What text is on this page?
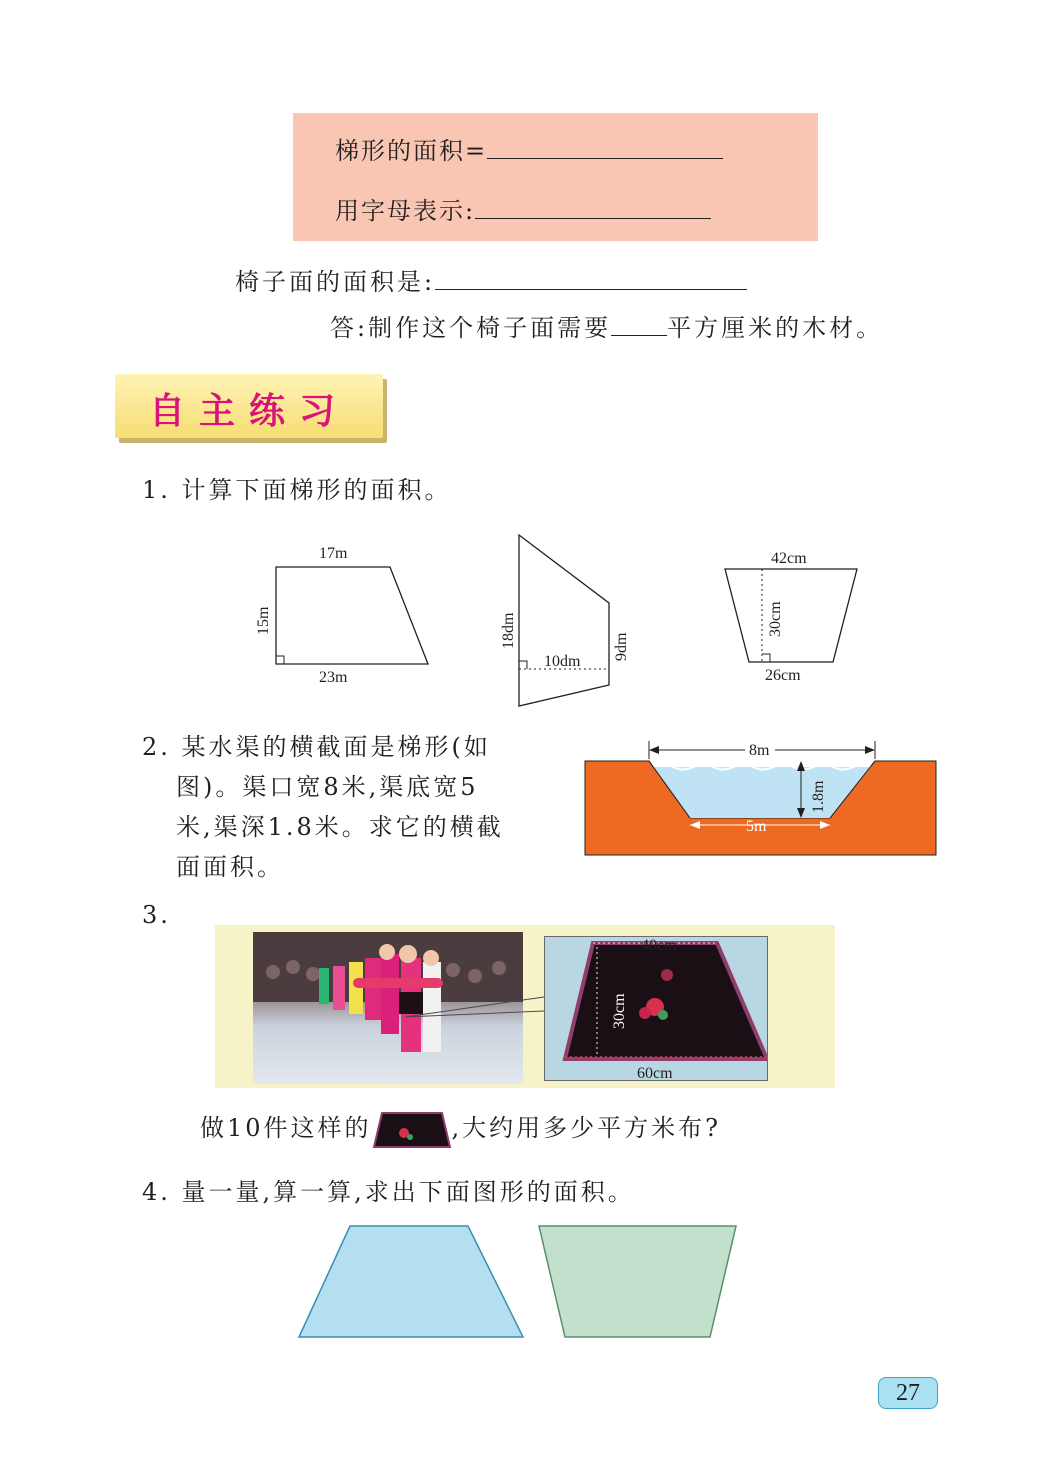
梯形的面积=
用字母表示:
椅子面的面积是:
答:制作这个椅子面需要 平方厘米的木材。
自主练习
1. 计算下面梯形的面积。
17m
23m
15m
10dm
18dm	9dm
42cm
26cm
30cm
2. 某水渠的横截面是梯形(如
图)。渠口宽8米,渠底宽5
米,渠深1.8米。求它的横截
面面积。
8m
1.8m
5m
3.
40cm
60cm
30cm
做10件这样的	,大约用多少平方米布?
4. 量一量,算一算,求出下面图形的面积。
27
